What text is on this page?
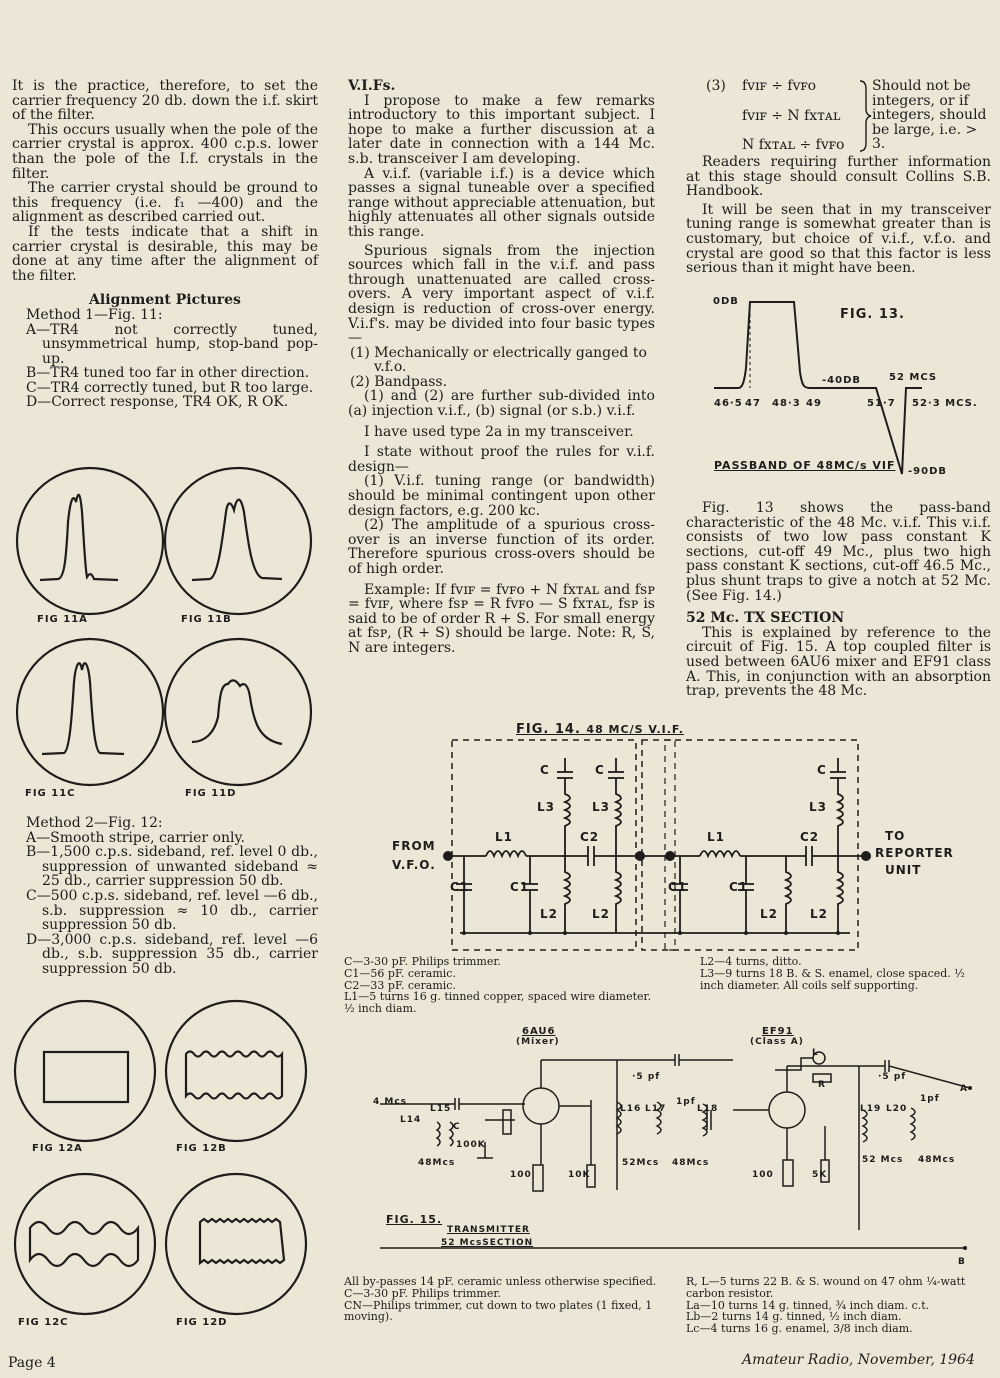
It is the practice, therefore, to set the carrier frequency 20 db. down the i.f. skirt of the filter.

This occurs usually when the pole of the carrier crystal is approx. 400 c.p.s. lower than the pole of the I.f. crystals in the filter.

The carrier crystal should be ground to this frequency (i.e. f₁ —400) and the alignment as described carried out.

If the tests indicate that a shift in carrier crystal is desirable, this may be done at any time after the alignment of the filter.

Alignment Pictures

Method 1—Fig. 11:

A—TR4 not correctly tuned, unsymmetrical hump, stop-band pop-up.

B—TR4 tuned too far in other direction.

C—TR4 correctly tuned, but R too large.

D—Correct response, TR4 OK, R OK.

FIG 11A	FIG 11B
FIG 11C	FIG 11D

Method 2—Fig. 12:

A—Smooth stripe, carrier only.

B—1,500 c.p.s. sideband, ref. level 0 db., suppression of unwanted sideband ≈ 25 db., carrier suppression 50 db.

C—500 c.p.s. sideband, ref. level —6 db., s.b. suppression ≈ 10 db., carrier suppression 50 db.

D—3,000 c.p.s. sideband, ref. level —6 db., s.b. suppression 35 db., carrier suppression 50 db.

FIG 12A	FIG 12B
FIG 12C	FIG 12D

V.I.Fs.

I propose to make a few remarks introductory to this important subject. I hope to make a further discussion at a later date in connection with a 144 Mc. s.b. transceiver I am developing.

A v.i.f. (variable i.f.) is a device which passes a signal tuneable over a specified range without appreciable attenuation, but highly attenuates all other signals outside this range.

Spurious signals from the injection sources which fall in the v.i.f. and pass through unattenuated are called cross-overs. A very important aspect of v.i.f. design is reduction of cross-over energy. V.i.f's. may be divided into four basic types—

(1) Mechanically or electrically ganged to v.f.o.

(2) Bandpass.

(1) and (2) are further sub-divided into (a) injection v.i.f., (b) signal (or s.b.) v.i.f.

I have used type 2a in my transceiver.

I state without proof the rules for v.i.f. design—

(1) V.i.f. tuning range (or bandwidth) should be minimal contingent upon other design factors, e.g. 200 kc.

(2) The amplitude of a spurious cross-over is an inverse function of its order. Therefore spurious cross-overs should be of high order.

Example: If fᴠɪꜰ = fᴠꜰᴏ + N fxᴛᴀʟ and fsᴘ = fᴠɪꜰ, where fsᴘ = R fᴠꜰᴏ — S fxᴛᴀʟ, fsᴘ is said to be of order R + S. For small energy at fsᴘ, (R + S) should be large. Note: R, S, N are integers.

(3) fᴠɪꜰ ÷ fᴠꜰᴏ
fᴠɪꜰ ÷ N fxᴛᴀʟ
N fxᴛᴀʟ ÷ fᴠꜰᴏ

Should not be integers, or if integers, should be large, i.e. > 3.

Readers requiring further information at this stage should consult Collins S.B. Handbook.

It will be seen that in my transceiver tuning range is somewhat greater than is customary, but choice of v.i.f., v.f.o. and crystal are good so that this factor is less serious than it might have been.

FIG. 13.
0DB
-40DB	52 MCS
-90DB
46·5 47 48·3 49	51·7 52·3 MCS.
PASSBAND OF 48MC/s VIF

Fig. 13 shows the pass-band characteristic of the 48 Mc. v.i.f. This v.i.f. consists of two low pass constant K sections, cut-off 49 Mc., plus two high pass constant K sections, cut-off 46.5 Mc., plus shunt traps to give a notch at 52 Mc. (See Fig. 14.)

52 Mc. TX SECTION

This is explained by reference to the circuit of Fig. 15. A top coupled filter is used between 6AU6 mixer and EF91 class A. This, in conjunction with an absorption trap, prevents the 48 Mc.

FIG. 14. 48 MC/S V.I.F.
FROM
V.F.O.
TO
REPORTER
UNIT
C	C	C
L3	L3	L3
L1	L1
C2	C2
C1	C1	C1	C1
L2	L2	L2	L2

C—3-30 pF. Philips trimmer.

C1—56 pF. ceramic.

C2—33 pF. ceramic.

L1—5 turns 16 g. tinned copper, spaced wire diameter. ½ inch diam.

L2—4 turns, ditto.

L3—9 turns 18 B. & S. enamel, close spaced. ½ inch diameter. All coils self supporting.

6AU6
(Mixer)
EF91
(Class A)
4 Mcs
L14
L15
C
100K
48Mcs
100	10K
·5 pf
L16 L17	L18
1pf
52Mcs 48Mcs
100	5K
L
R
·5 pf
L19 L20
1pf
52 Mcs 48Mcs
A
B
FIG. 15.
TRANSMITTER
52 McsSECTION

All by-passes 14 pF. ceramic unless otherwise specified.

C—3-30 pF. Philips trimmer.

CN—Philips trimmer, cut down to two plates (1 fixed, 1 moving).

R, L—5 turns 22 B. & S. wound on 47 ohm ¼-watt carbon resistor.

La—10 turns 14 g. tinned, ¾ inch diam. c.t.

Lb—2 turns 14 g. tinned, ½ inch diam.

Lc—4 turns 16 g. enamel, 3/8 inch diam.

Page 4	Amateur Radio, November, 1964
